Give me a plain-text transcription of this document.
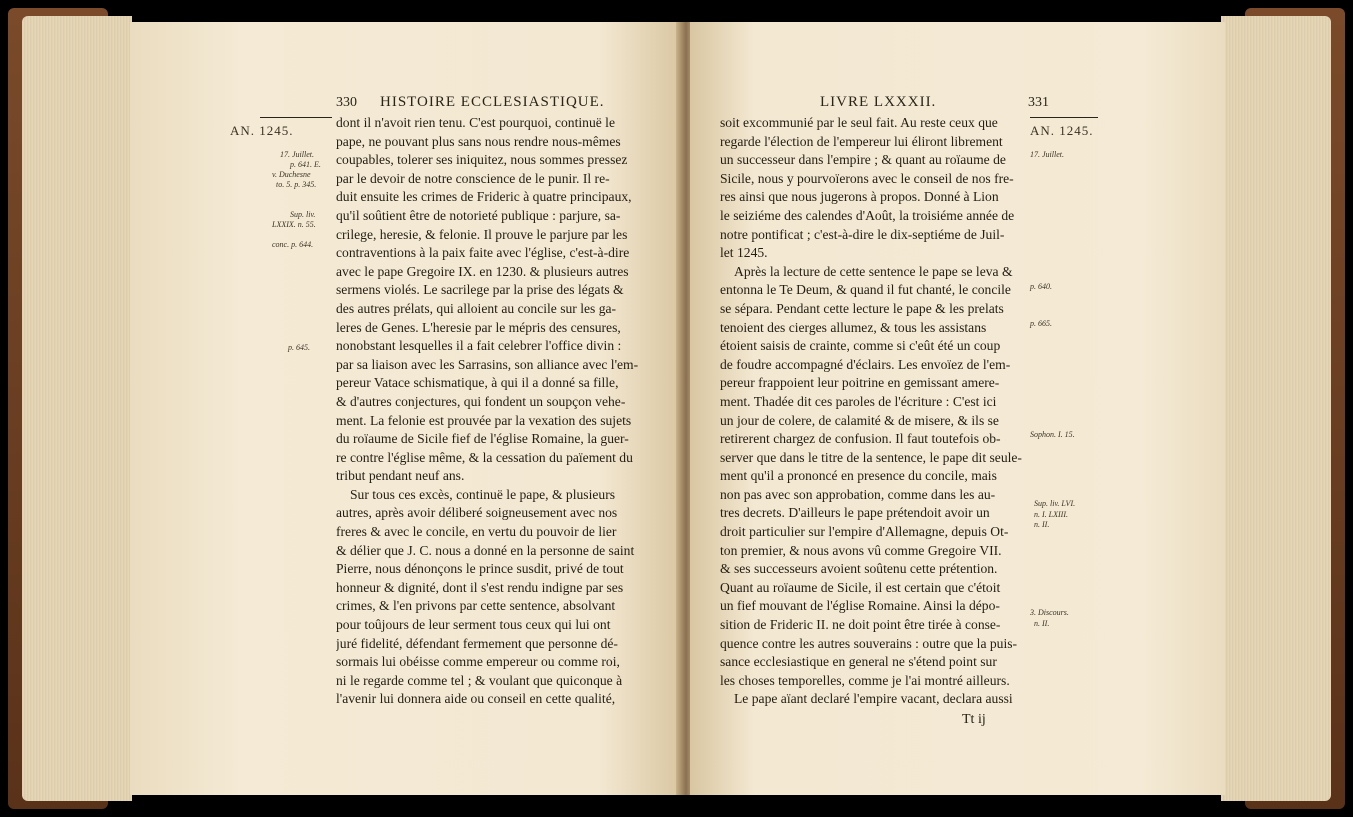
330 HISTOIRE ECCLESIASTIQUE.
AN. 1245.
17. Juillet.
p. 641. E.
v. Duchesne
to. 5. p. 345.
Sup. liv.
LXXIX. n. 55.
conc. p. 644.
p. 645.
dont il n'avoit rien tenu. C'est pourquoi, continuë le
pape, ne pouvant plus sans nous rendre nous-mêmes
coupables, tolerer ses iniquitez, nous sommes pressez
par le devoir de notre conscience de le punir. Il re-
duit ensuite les crimes de Frideric à quatre principaux,
qu'il soûtient être de notorieté publique : parjure, sa-
crilege, heresie, & felonie. Il prouve le parjure par les
contraventions à la paix faite avec l'église, c'est-à-dire
avec le pape Gregoire IX. en 1230. & plusieurs autres
sermens violés. Le sacrilege par la prise des légats &
des autres prélats, qui alloient au concile sur les ga-
leres de Genes. L'heresie par le mépris des censures,
nonobstant lesquelles il a fait celebrer l'office divin :
par sa liaison avec les Sarrasins, son alliance avec l'em-
pereur Vatace schismatique, à qui il a donné sa fille,
& d'autres conjectures, qui fondent un soupçon vehe-
ment. La felonie est prouvée par la vexation des sujets
du roïaume de Sicile fief de l'église Romaine, la guer-
re contre l'église même, & la cessation du païement du
tribut pendant neuf ans.
Sur tous ces excès, continuë le pape, & plusieurs
autres, après avoir déliberé soigneusement avec nos
freres & avec le concile, en vertu du pouvoir de lier
& délier que J. C. nous a donné en la personne de saint
Pierre, nous dénonçons le prince susdit, privé de tout
honneur & dignité, dont il s'est rendu indigne par ses
crimes, & l'en privons par cette sentence, absolvant
pour toûjours de leur serment tous ceux qui lui ont
juré fidelité, défendant fermement que personne dé-
sormais lui obéisse comme empereur ou comme roi,
ni le regarde comme tel ; & voulant que quiconque à
l'avenir lui donnera aide ou conseil en cette qualité,
LIVRE LXXXII.	331
AN. 1245.
17. Juillet.
p. 640.
p. 665.
Sophon. I. 15.
Sup. liv. LVI.
n. I. LXIII.
n. II.
3. Discours.
n. II.
soit excommunié par le seul fait. Au reste ceux que
regarde l'élection de l'empereur lui éliront librement
un successeur dans l'empire ; & quant au roïaume de
Sicile, nous y pourvoïerons avec le conseil de nos fre-
res ainsi que nous jugerons à propos. Donné à Lion
le seiziéme des calendes d'Août, la troisiéme année de
notre pontificat ; c'est-à-dire le dix-septiéme de Juil-
let 1245.
Après la lecture de cette sentence le pape se leva &
entonna le Te Deum, & quand il fut chanté, le concile
se sépara. Pendant cette lecture le pape & les prelats
tenoient des cierges allumez, & tous les assistans
étoient saisis de crainte, comme si c'eût été un coup
de foudre accompagné d'éclairs. Les envoïez de l'em-
pereur frappoient leur poitrine en gemissant amere-
ment. Thadée dit ces paroles de l'écriture : C'est ici
un jour de colere, de calamité & de misere, & ils se
retirerent chargez de confusion. Il faut toutefois ob-
server que dans le titre de la sentence, le pape dit seule-
ment qu'il a prononcé en presence du concile, mais
non pas avec son approbation, comme dans les au-
tres decrets. D'ailleurs le pape prétendoit avoir un
droit particulier sur l'empire d'Allemagne, depuis Ot-
ton premier, & nous avons vû comme Gregoire VII.
& ses successeurs avoient soûtenu cette prétention.
Quant au roïaume de Sicile, il est certain que c'étoit
un fief mouvant de l'église Romaine. Ainsi la dépo-
sition de Frideric II. ne doit point être tirée à conse-
quence contre les autres souverains : outre que la puis-
sance ecclesiastique en general ne s'étend point sur
les choses temporelles, comme je l'ai montré ailleurs.
Le pape aïant declaré l'empire vacant, declara aussi
Tt ij
